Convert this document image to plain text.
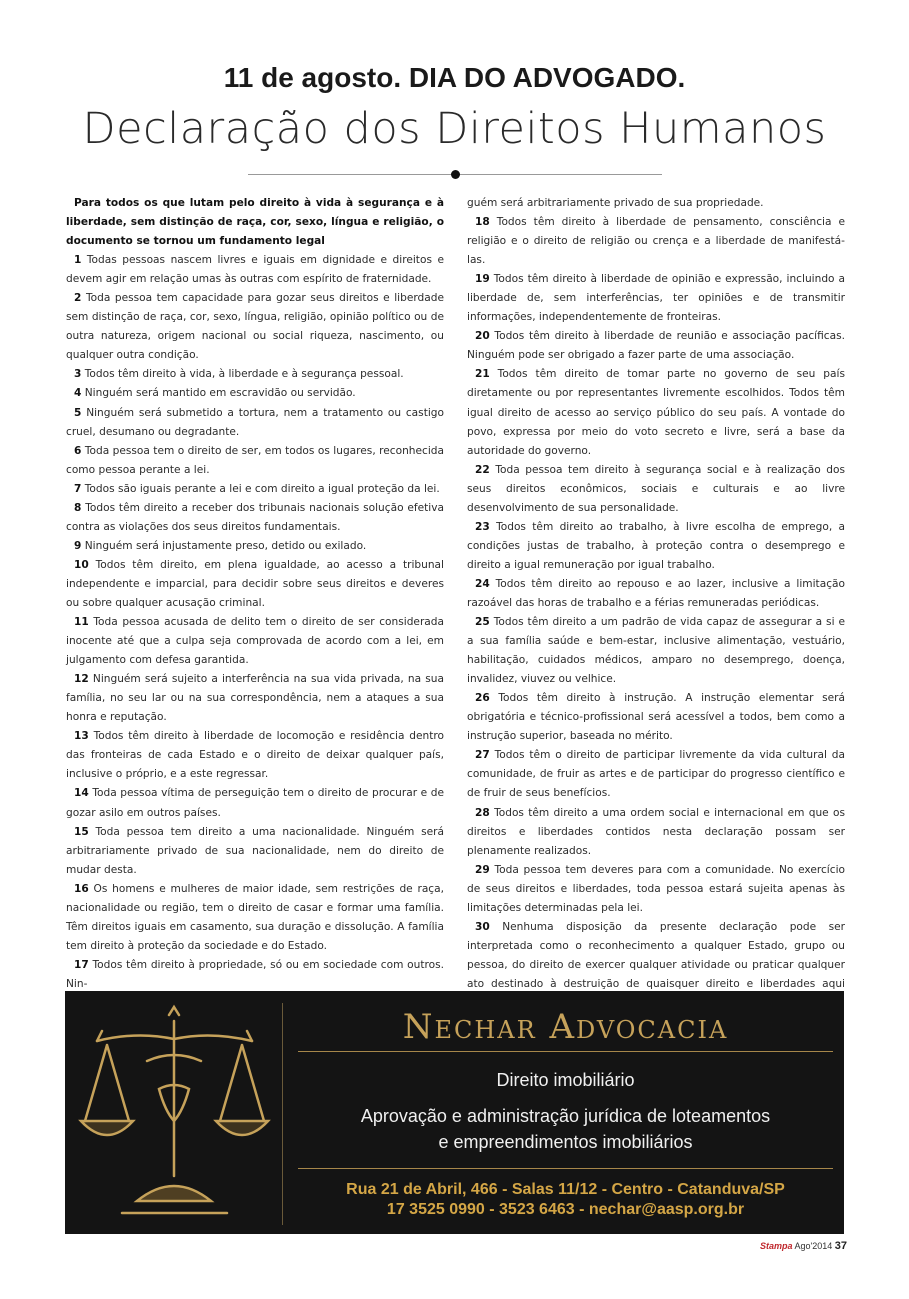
11 de agosto. DIA DO ADVOGADO.
Declaração dos Direitos Humanos

Para todos os que lutam pelo direito à vida à segurança e à liberdade, sem distinção de raça, cor, sexo, língua e religião, o documento se tornou um fundamento legal

1 Todas pessoas nascem livres e iguais em dignidade e direitos e devem agir em relação umas às outras com espírito de fraternidade.

2 Toda pessoa tem capacidade para gozar seus direitos e liberdade sem distinção de raça, cor, sexo, língua, religião, opinião político ou de outra natureza, origem nacional ou social riqueza, nascimento, ou qualquer outra condição.

3 Todos têm direito à vida, à liberdade e à segurança pessoal.

4 Ninguém será mantido em escravidão ou servidão.

5 Ninguém será submetido a tortura, nem a tratamento ou castigo cruel, desumano ou degradante.

6 Toda pessoa tem o direito de ser, em todos os lugares, reconhecida como pessoa perante a lei.

7 Todos são iguais perante a lei e com direito a igual proteção da lei.

8 Todos têm direito a receber dos tribunais nacionais solução efetiva contra as violações dos seus direitos fundamentais.

9 Ninguém será injustamente preso, detido ou exilado.

10 Todos têm direito, em plena igualdade, ao acesso a tribunal independente e imparcial, para decidir sobre seus direitos e deveres ou sobre qualquer acusação criminal.

11 Toda pessoa acusada de delito tem o direito de ser considerada inocente até que a culpa seja comprovada de acordo com a lei, em julgamento com defesa garantida.

12 Ninguém será sujeito a interferência na sua vida privada, na sua família, no seu lar ou na sua correspondência, nem a ataques a sua honra e reputação.

13 Todos têm direito à liberdade de locomoção e residência dentro das fronteiras de cada Estado e o direito de deixar qualquer país, inclusive o próprio, e a este regressar.

14 Toda pessoa vítima de perseguição tem o direito de procurar e de gozar asilo em outros países.

15 Toda pessoa tem direito a uma nacionalidade. Ninguém será arbitrariamente privado de sua nacionalidade, nem do direito de mudar desta.

16 Os homens e mulheres de maior idade, sem restrições de raça, nacionalidade ou região, tem o direito de casar e formar uma família. Têm direitos iguais em casamento, sua duração e dissolução. A família tem direito à proteção da sociedade e do Estado.

17 Todos têm direito à propriedade, só ou em sociedade com outros. Nin-

guém será arbitrariamente privado de sua propriedade.

18 Todos têm direito à liberdade de pensamento, consciência e religião e o direito de religião ou crença e a liberdade de manifestá-las.

19 Todos têm direito à liberdade de opinião e expressão, incluindo a liberdade de, sem interferências, ter opiniões e de transmitir informações, independentemente de fronteiras.

20 Todos têm direito à liberdade de reunião e associação pacíficas. Ninguém pode ser obrigado a fazer parte de uma associação.

21 Todos têm direito de tomar parte no governo de seu país diretamente ou por representantes livremente escolhidos. Todos têm igual direito de acesso ao serviço público do seu país. A vontade do povo, expressa por meio do voto secreto e livre, será a base da autoridade do governo.

22 Toda pessoa tem direito à segurança social e à realização dos seus direitos econômicos, sociais e culturais e ao livre desenvolvimento de sua personalidade.

23 Todos têm direito ao trabalho, à livre escolha de emprego, a condições justas de trabalho, à proteção contra o desemprego e direito a igual remuneração por igual trabalho.

24 Todos têm direito ao repouso e ao lazer, inclusive a limitação razoável das horas de trabalho e a férias remuneradas periódicas.

25 Todos têm direito a um padrão de vida capaz de assegurar a si e a sua família saúde e bem-estar, inclusive alimentação, vestuário, habilitação, cuidados médicos, amparo no desemprego, doença, invalidez, viuvez ou velhice.

26 Todos têm direito à instrução. A instrução elementar será obrigatória e técnico-profissional será acessível a todos, bem como a instrução superior, baseada no mérito.

27 Todos têm o direito de participar livremente da vida cultural da comunidade, de fruir as artes e de participar do progresso científico e de fruir de seus benefícios.

28 Todos têm direito a uma ordem social e internacional em que os direitos e liberdades contidos nesta declaração possam ser plenamente realizados.

29 Toda pessoa tem deveres para com a comunidade. No exercício de seus direitos e liberdades, toda pessoa estará sujeita apenas às limitações determinadas pela lei.

30 Nenhuma disposição da presente declaração pode ser interpretada como o reconhecimento a qualquer Estado, grupo ou pessoa, do direito de exercer qualquer atividade ou praticar qualquer ato destinado à destruição de quaisquer direito e liberdades aqui

Nechar Advocacia
Direito imobiliário
Aprovação e administração jurídica de loteamentos
e empreendimentos imobiliários
Rua 21 de Abril, 466 - Salas 11/12 - Centro - Catanduva/SP
17 3525 0990 - 3523 6463 - nechar@aasp.org.br
Stampa Ago'2014 37
